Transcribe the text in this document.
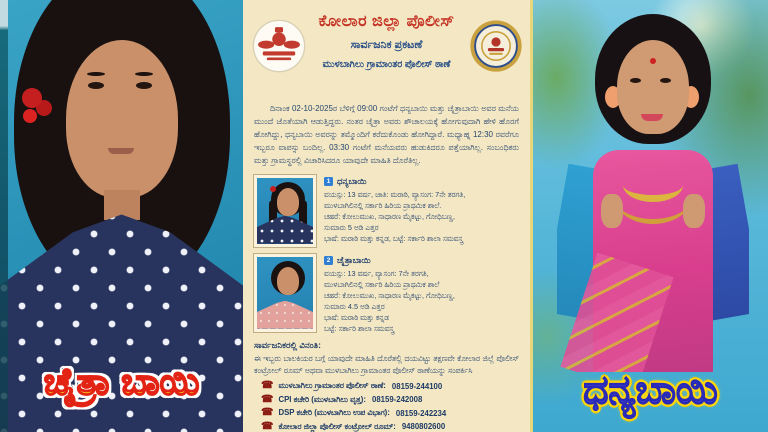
ಚೈತ್ರಾ ಬಾಯಿ
ಕೋಲಾರ ಜಿಲ್ಲಾ ಪೊಲೀಸ್
ಸಾರ್ವಜನಿಕ ಪ್ರಕಟಣೆ
ಮುಳಬಾಗಿಲು ಗ್ರಾಮಾಂತರ ಪೊಲೀಸ್ ಠಾಣೆ

ದಿನಾಂಕ 02-10-2025ರ ಬೆಳಿಗ್ಗೆ 09:00 ಗಂಟೆಗೆ ಧನ್ಯಬಾಯಿ ಮತ್ತು ಚೈತ್ರಾಬಾಯಿ ಅವರ ಮನೆಯ ಮುಂದೆ ಜೊತೆಯಾಗಿ ಆಡುತ್ತಿದ್ದರು. ನಂತರ ಚೈತ್ರಾ ಅವರು ಶೌಚಾಲಯಕ್ಕೆ ಹೋಗುವುದಾಗಿ ಹೇಳಿ ಹೊರಗೆ ಹೋಗಿದ್ದು, ಧನ್ಯಬಾಯಿ ಅವರನ್ನು ತಮ್ಮೊಂದಿಗೆ ಕರೆದುಕೊಂಡು ಹೋಗಿದ್ದಾರೆ. ಮಧ್ಯಾಹ್ನ 12:30 ರವರೆಗೂ ಇಬ್ಬರೂ ವಾಪಸ್ಸು ಬಂದಿಲ್ಲ. 03:30 ಗಂಟೆಗೆ ಮನೆಯವರು ಹುಡುಕಿದರೂ ಪತ್ತೆಯಾಗಿಲ್ಲ. ಸಂಬಂಧಿಕರು ಮತ್ತು ಗ್ರಾಮಸ್ಥರಲ್ಲಿ ವಿಚಾರಿಸಿದರೂ ಯಾವುದೇ ಮಾಹಿತಿ ದೊರೆತಿಲ್ಲ.

1 ಧನ್ಯಬಾಯಿ
ವಯಸ್ಸು: 13 ವರ್ಷ, ಜಾತಿ: ಮರಾಠಿ, ವ್ಯಾಸಂಗ: 7ನೇ ತರಗತಿ,
ಮುಳಬಾಗಿಲಿನಲ್ಲಿ ಸರ್ಕಾರಿ ಹಿರಿಯ ಪ್ರಾಥಮಿಕ ಶಾಲೆ.
ಚಹರೆ: ಕೋಲುಮುಖ, ಸಾಧಾರಣ ಮೈಕಟ್ಟು, ಗೋಧಿಬಣ್ಣ,
ಸುಮಾರು 5 ಅಡಿ ಎತ್ತರ
ಭಾಷೆ: ಮರಾಠಿ ಮತ್ತು ಕನ್ನಡ, ಬಟ್ಟೆ: ಸರ್ಕಾರಿ ಶಾಲಾ ಸಮವಸ್ತ್ರ
2 ಚೈತ್ರಾಬಾಯಿ
ವಯಸ್ಸು: 13 ವರ್ಷ, ವ್ಯಾಸಂಗ: 7ನೇ ತರಗತಿ,
ಮುಳಬಾಗಿಲಿನಲ್ಲಿ ಸರ್ಕಾರಿ ಹಿರಿಯ ಪ್ರಾಥಮಿಕ ಶಾಲೆ
ಚಹರೆ: ಕೋಲುಮುಖ, ಸಾಧಾರಣ ಮೈಕಟ್ಟು, ಗೋಧಿಬಣ್ಣ,
ಸುಮಾರು 4.5 ಅಡಿ ಎತ್ತರ
ಭಾಷೆ: ಮರಾಠಿ ಮತ್ತು ಕನ್ನಡ
ಬಟ್ಟೆ: ಸರ್ಕಾರಿ ಶಾಲಾ ಸಮವಸ್ತ್ರ
ಸಾರ್ವಜನಿಕರಲ್ಲಿ ವಿನಂತಿ:

ಈ ಇಬ್ಬರು ಬಾಲಕಿಯರ ಬಗ್ಗೆ ಯಾವುದೇ ಮಾಹಿತಿ ದೊರೆತಲ್ಲಿ ದಯವಿಟ್ಟು ತಕ್ಷಣವೇ ಕೋಲಾರ ಜಿಲ್ಲೆ ಪೊಲೀಸ್ ಕಂಟ್ರೋಲ್ ರೂಮ್ ಅಥವಾ ಮುಳಬಾಗಿಲು ಗ್ರಾಮಾಂತರ ಪೊಲೀಸ್ ಠಾಣೆಯನ್ನು ಸಂಪರ್ಕಿಸಿ

☎ ಮುಳಬಾಗಿಲು ಗ್ರಾಮಾಂತರ ಪೊಲೀಸ್ ಠಾಣೆ: 08159-244100
☎ CPI ಕಚೇರಿ (ಮುಳಬಾಗಿಲು ವೃತ್ತ): 08159-242008
☎ DSP ಕಚೇರಿ (ಮುಳಬಾಗಿಲು ಉಪ ವಿಭಾಗ): 08159-242234
☎ ಕೋಲಾರ ಜಿಲ್ಲಾ ಪೊಲೀಸ್ ಕಂಟ್ರೋಲ್ ರೂಮ್: 9480802600
ಧನ್ಯಬಾಯಿ
